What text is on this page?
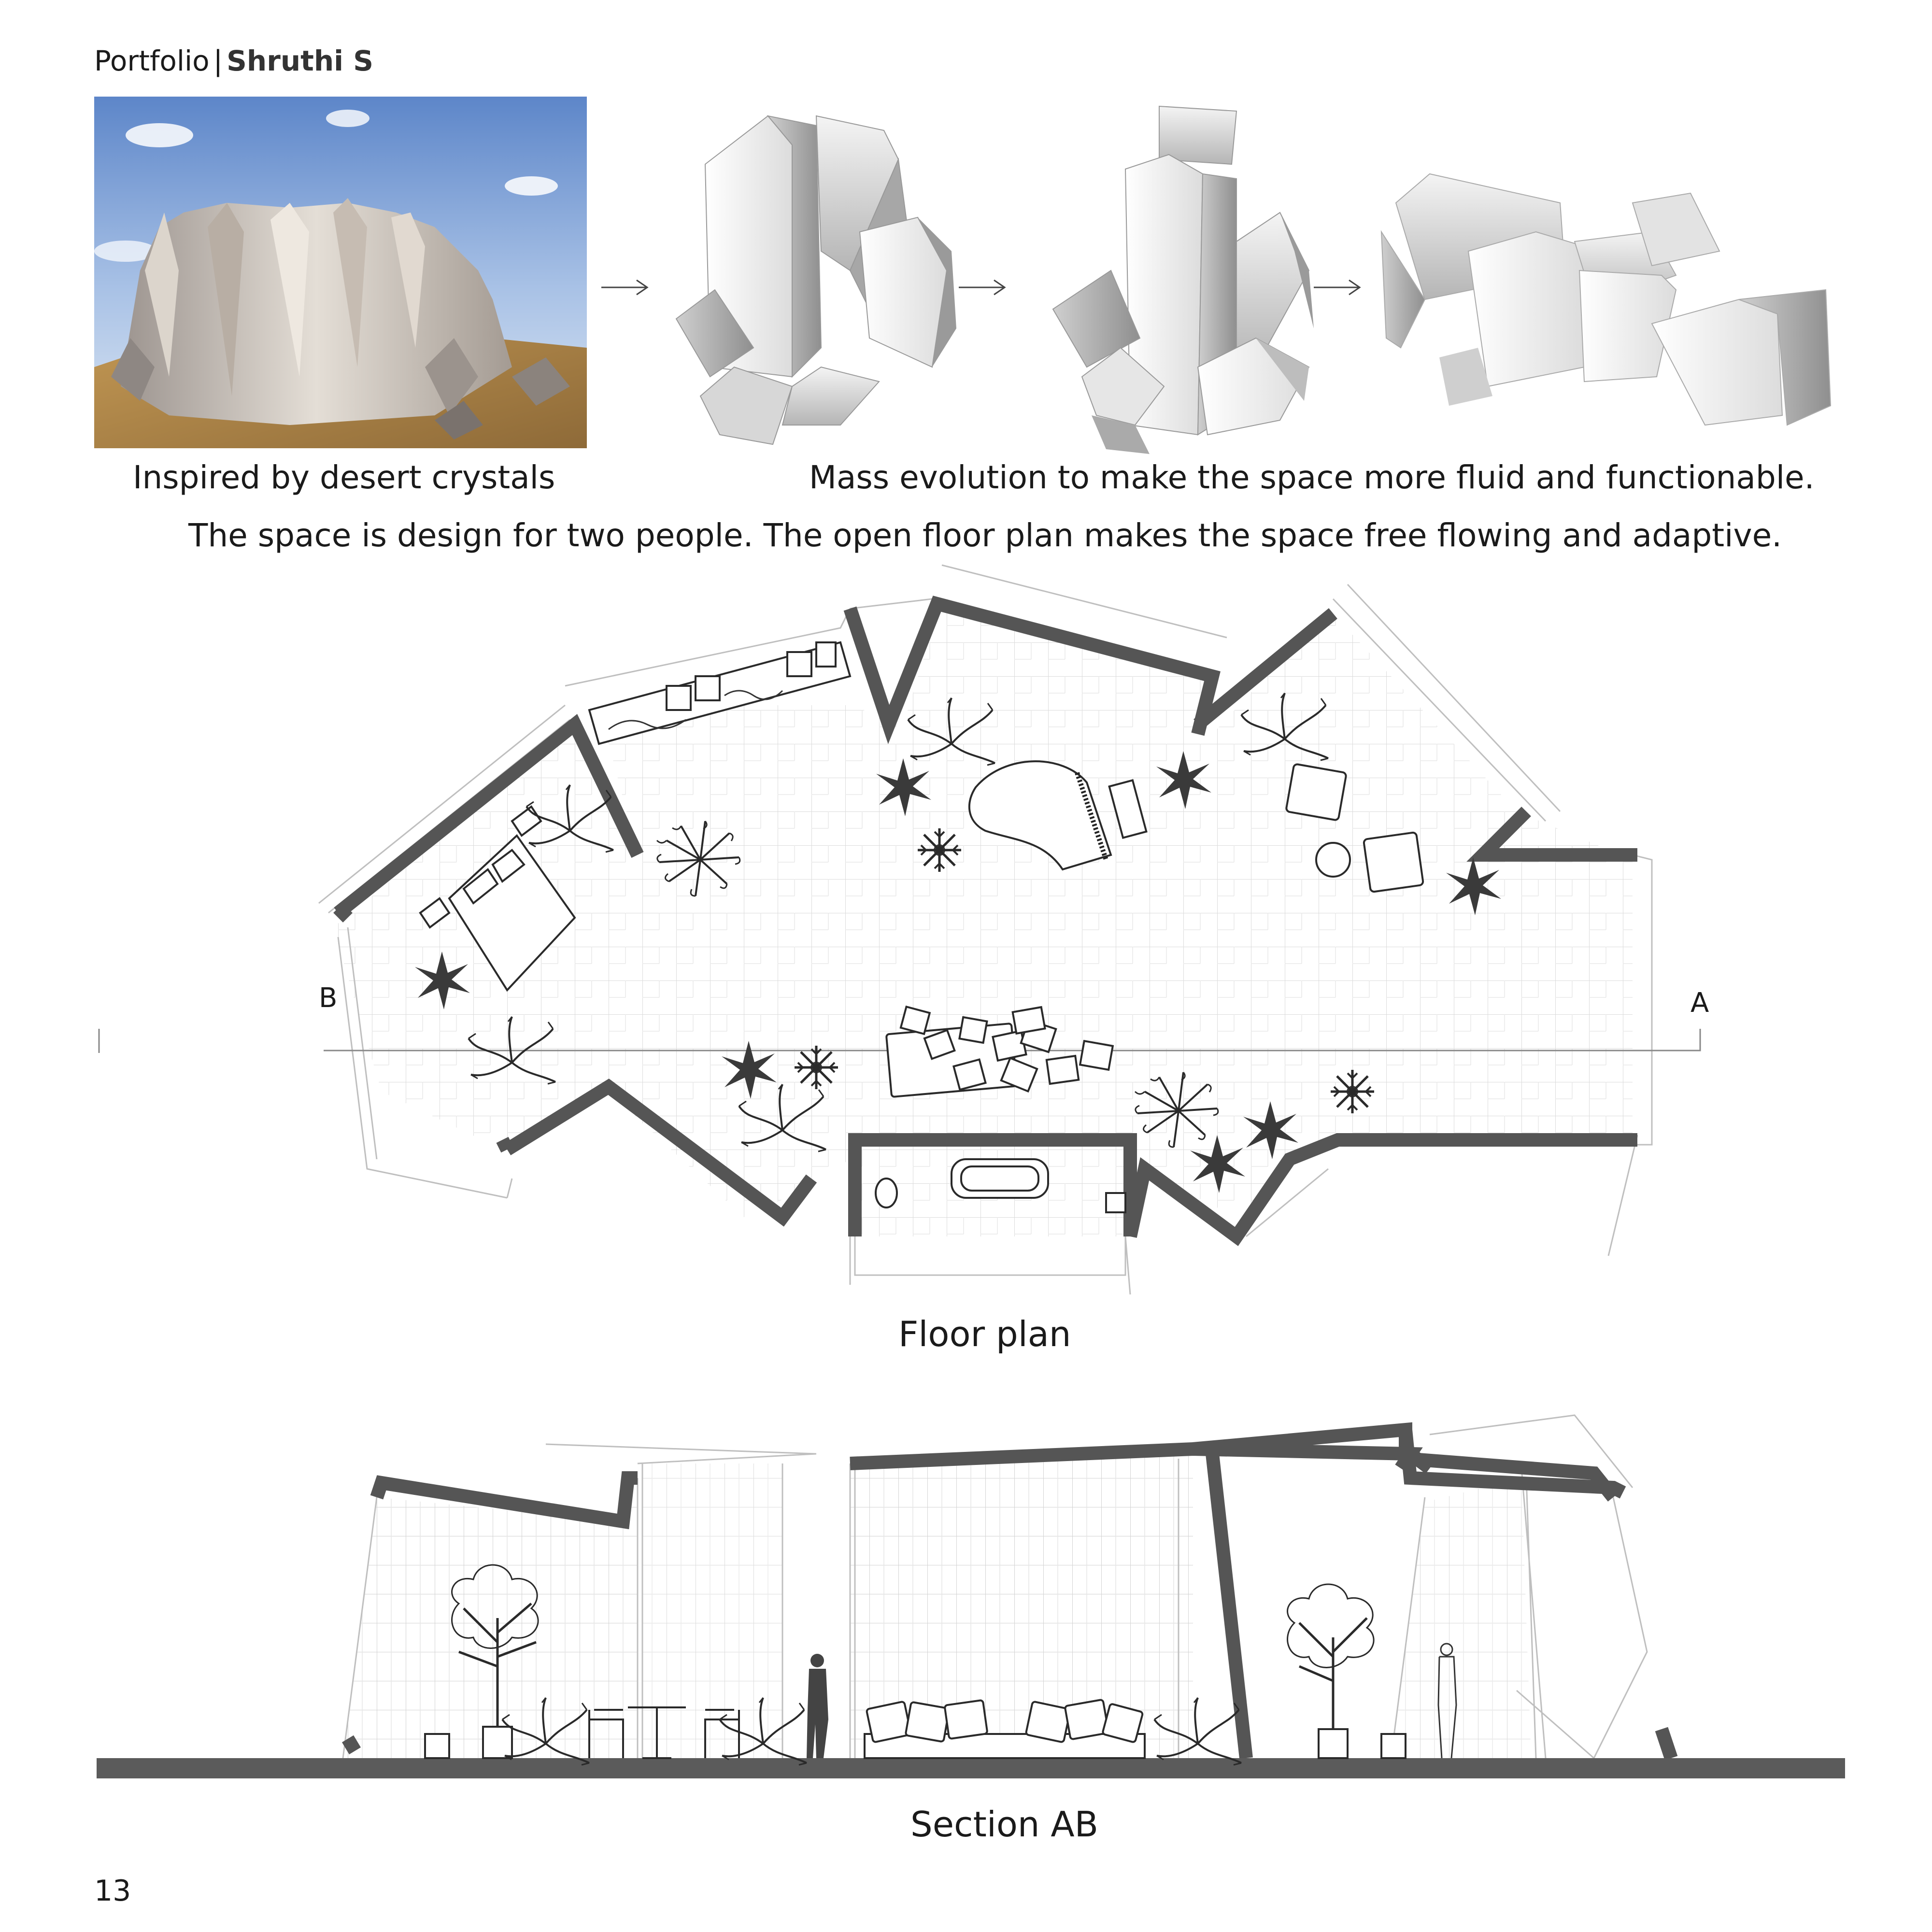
Portfolio | Shruthi S
B	A
Inspired by desert crystals	Mass evolution to make the space more fluid and functionable.
The space is design for two people. The open floor plan makes the space free flowing and adaptive.
Floor plan
Section AB
13
